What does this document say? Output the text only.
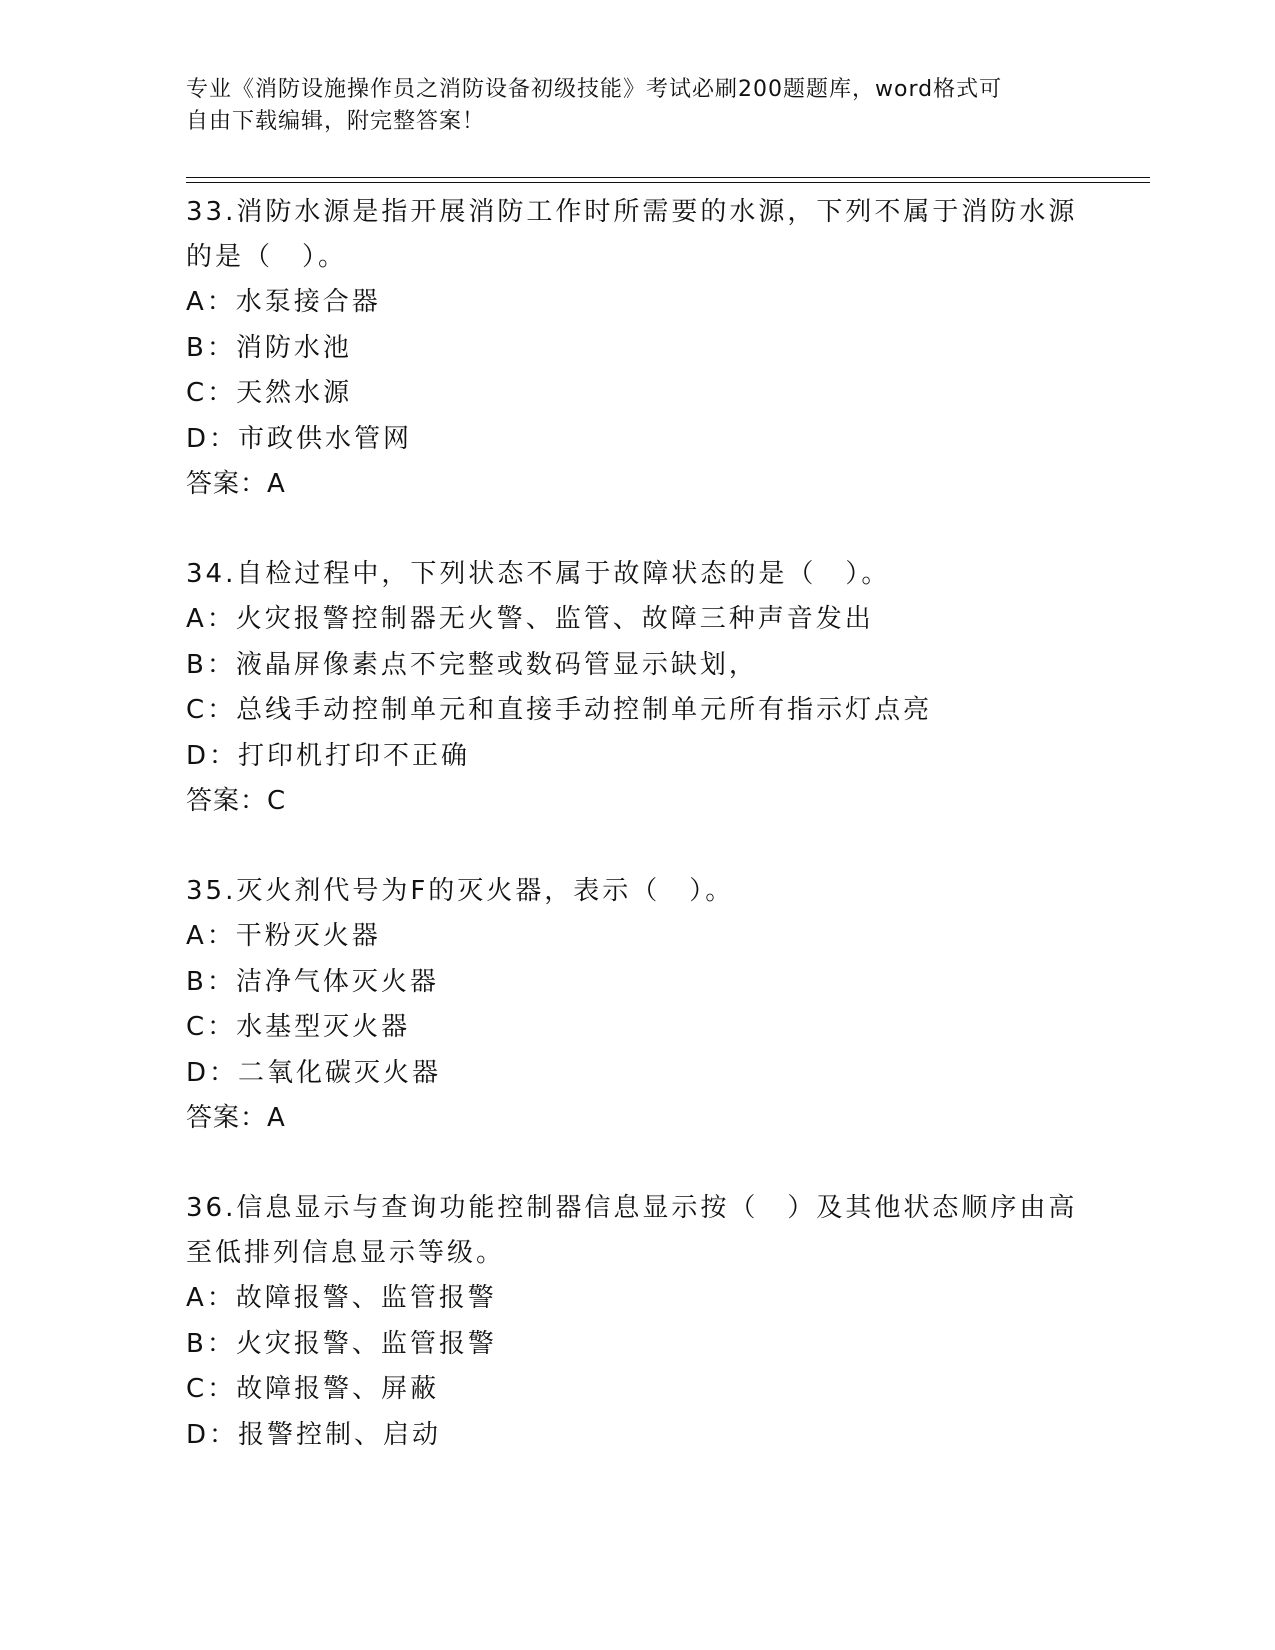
专业《消防设施操作员之消防设备初级技能》考试必刷200题题库，word格式可
自由下载编辑，附完整答案！
33.消防水源是指开展消防工作时所需要的水源，下列不属于消防水源
的是（　）。
A：水泵接合器
B：消防水池
C：天然水源
D：市政供水管网
答案：A
34.自检过程中，下列状态不属于故障状态的是（　）。
A：火灾报警控制器无火警、监管、故障三种声音发出
B：液晶屏像素点不完整或数码管显示缺划，
C：总线手动控制单元和直接手动控制单元所有指示灯点亮
D：打印机打印不正确
答案：C
35.灭火剂代号为F的灭火器，表示（　）。
A：干粉灭火器
B：洁净气体灭火器
C：水基型灭火器
D：二氧化碳灭火器
答案：A
36.信息显示与查询功能控制器信息显示按（　）及其他状态顺序由高
至低排列信息显示等级。
A：故障报警、监管报警
B：火灾报警、监管报警
C：故障报警、屏蔽
D：报警控制、启动
